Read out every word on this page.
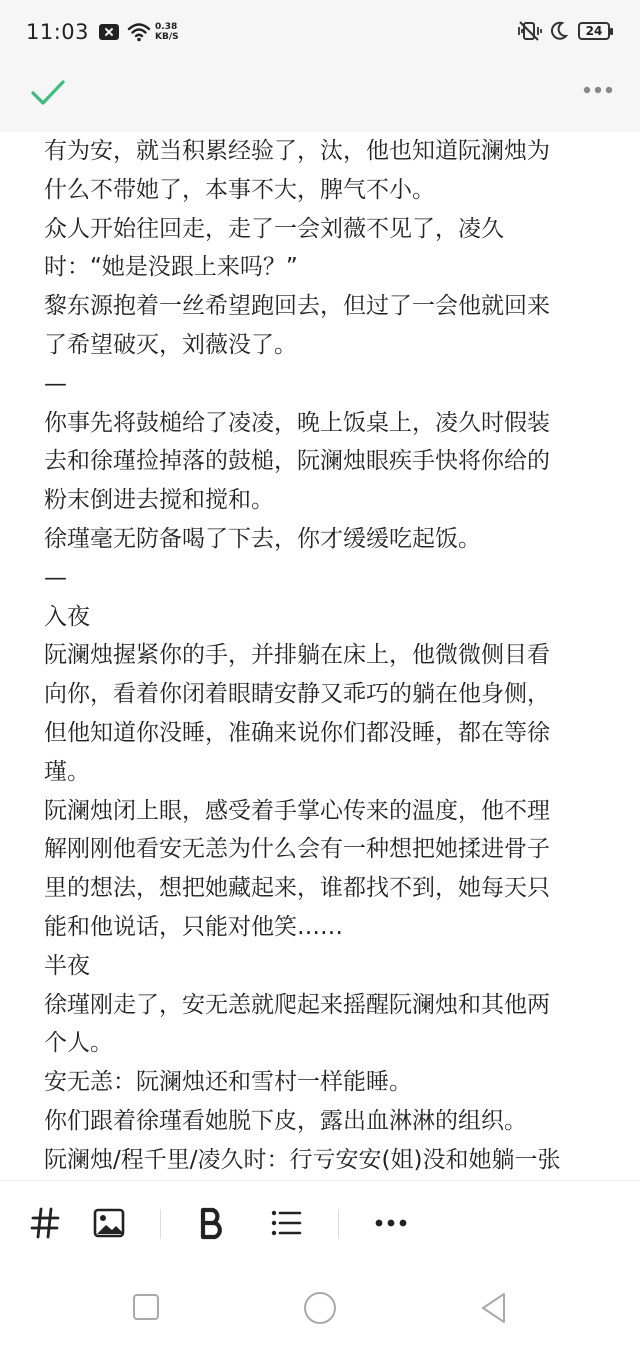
11:03	0.38
KB/S	24
有为安，就当积累经验了，汰，他也知道阮澜烛为
什么不带她了，本事不大，脾气不小。
众人开始往回走，走了一会刘薇不见了，凌久
时：“她是没跟上来吗？”
黎东源抱着一丝希望跑回去，但过了一会他就回来
了希望破灭，刘薇没了。
—
你事先将鼓槌给了凌凌，晚上饭桌上，凌久时假装
去和徐瑾捡掉落的鼓槌，阮澜烛眼疾手快将你给的
粉末倒进去搅和搅和。
徐瑾毫无防备喝了下去，你才缓缓吃起饭。
—
入夜
阮澜烛握紧你的手，并排躺在床上，他微微侧目看
向你，看着你闭着眼睛安静又乖巧的躺在他身侧，
但他知道你没睡，准确来说你们都没睡，都在等徐
瑾。
阮澜烛闭上眼，感受着手掌心传来的温度，他不理
解刚刚他看安无恙为什么会有一种想把她揉进骨子
里的想法，想把她藏起来，谁都找不到，她每天只
能和他说话，只能对他笑……
半夜
徐瑾刚走了，安无恙就爬起来摇醒阮澜烛和其他两
个人。
安无恙：阮澜烛还和雪村一样能睡。
你们跟着徐瑾看她脱下皮，露出血淋淋的组织。
阮澜烛/程千里/凌久时：行亏安安(姐)没和她躺一张
